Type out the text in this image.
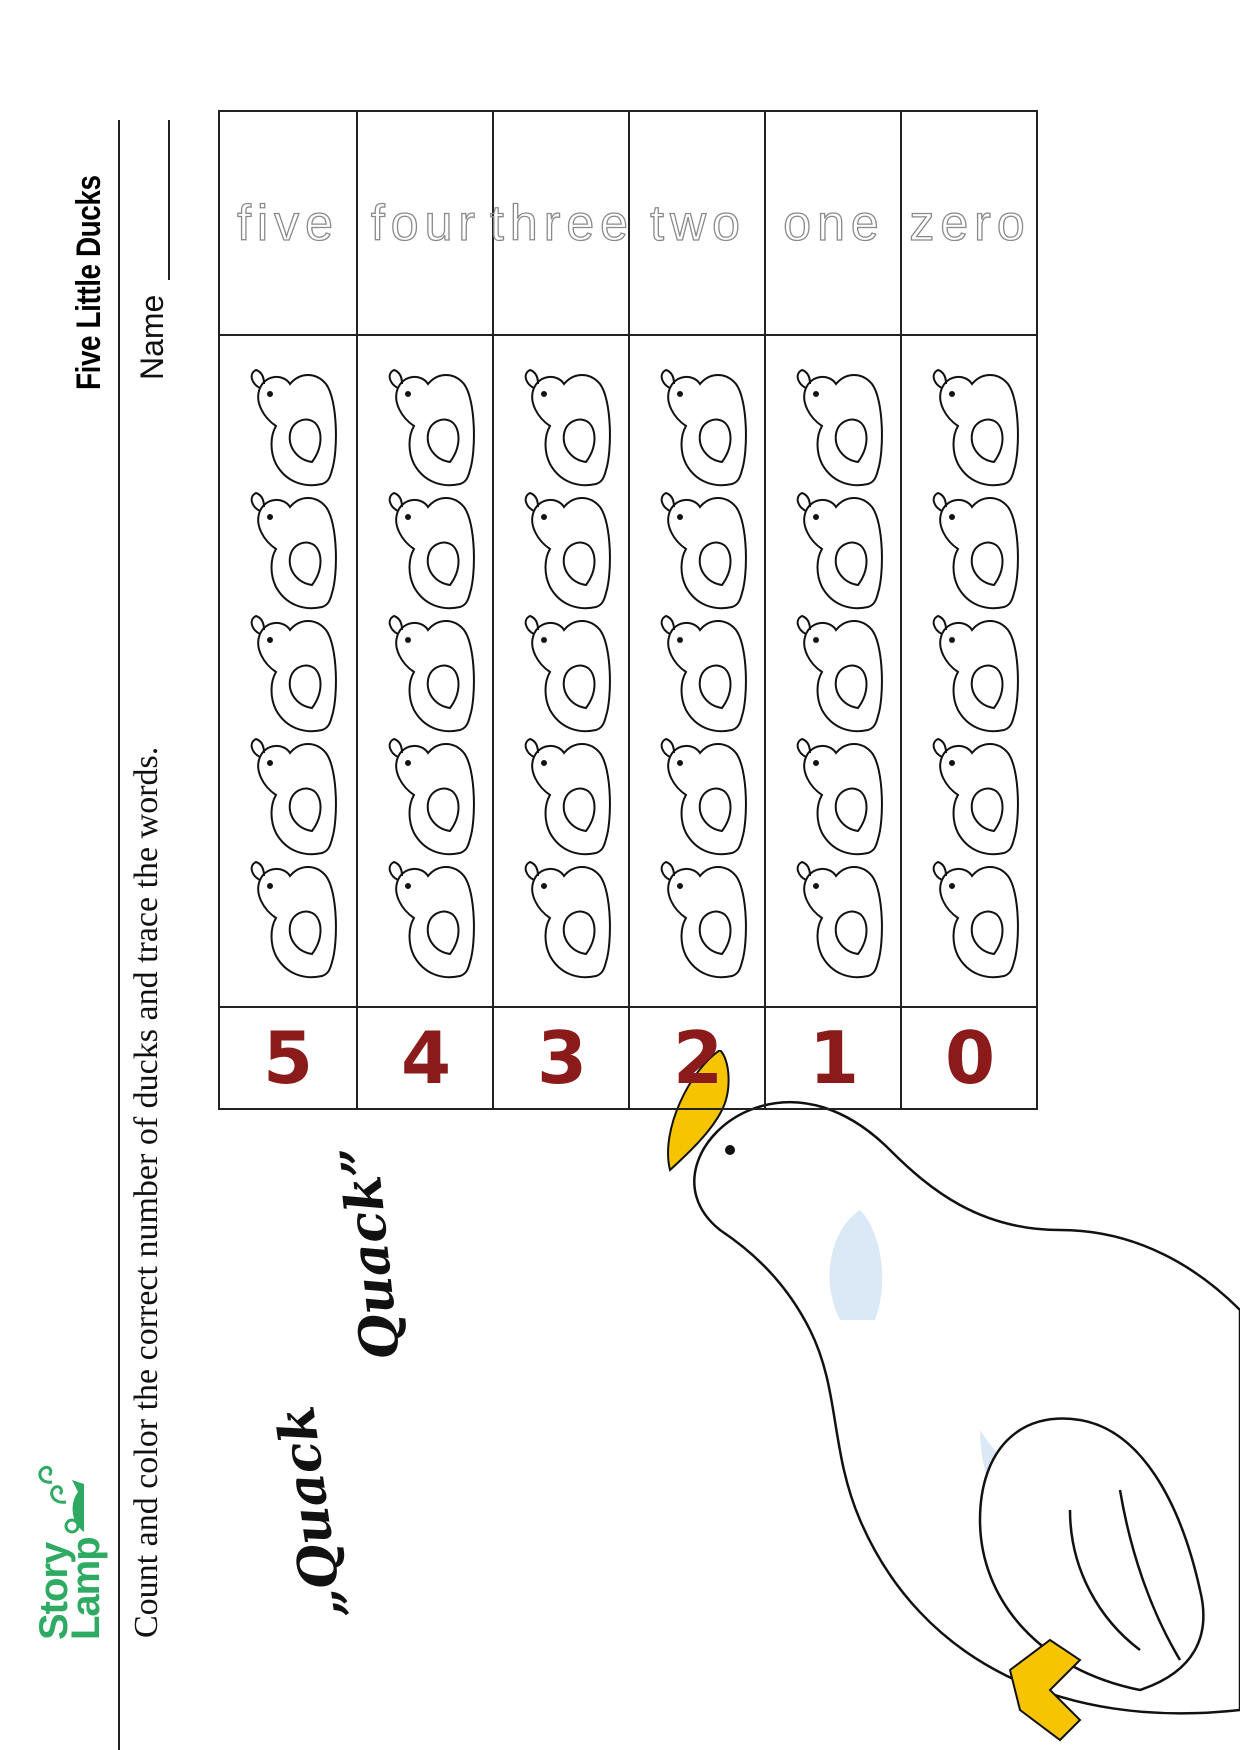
Story
Lamp
Five Little Ducks
Count and color the correct number of ducks and trace the words.
Name
„Quack
Quack”
5
five
4
four
3
three
2
two
1
one
0
zero
